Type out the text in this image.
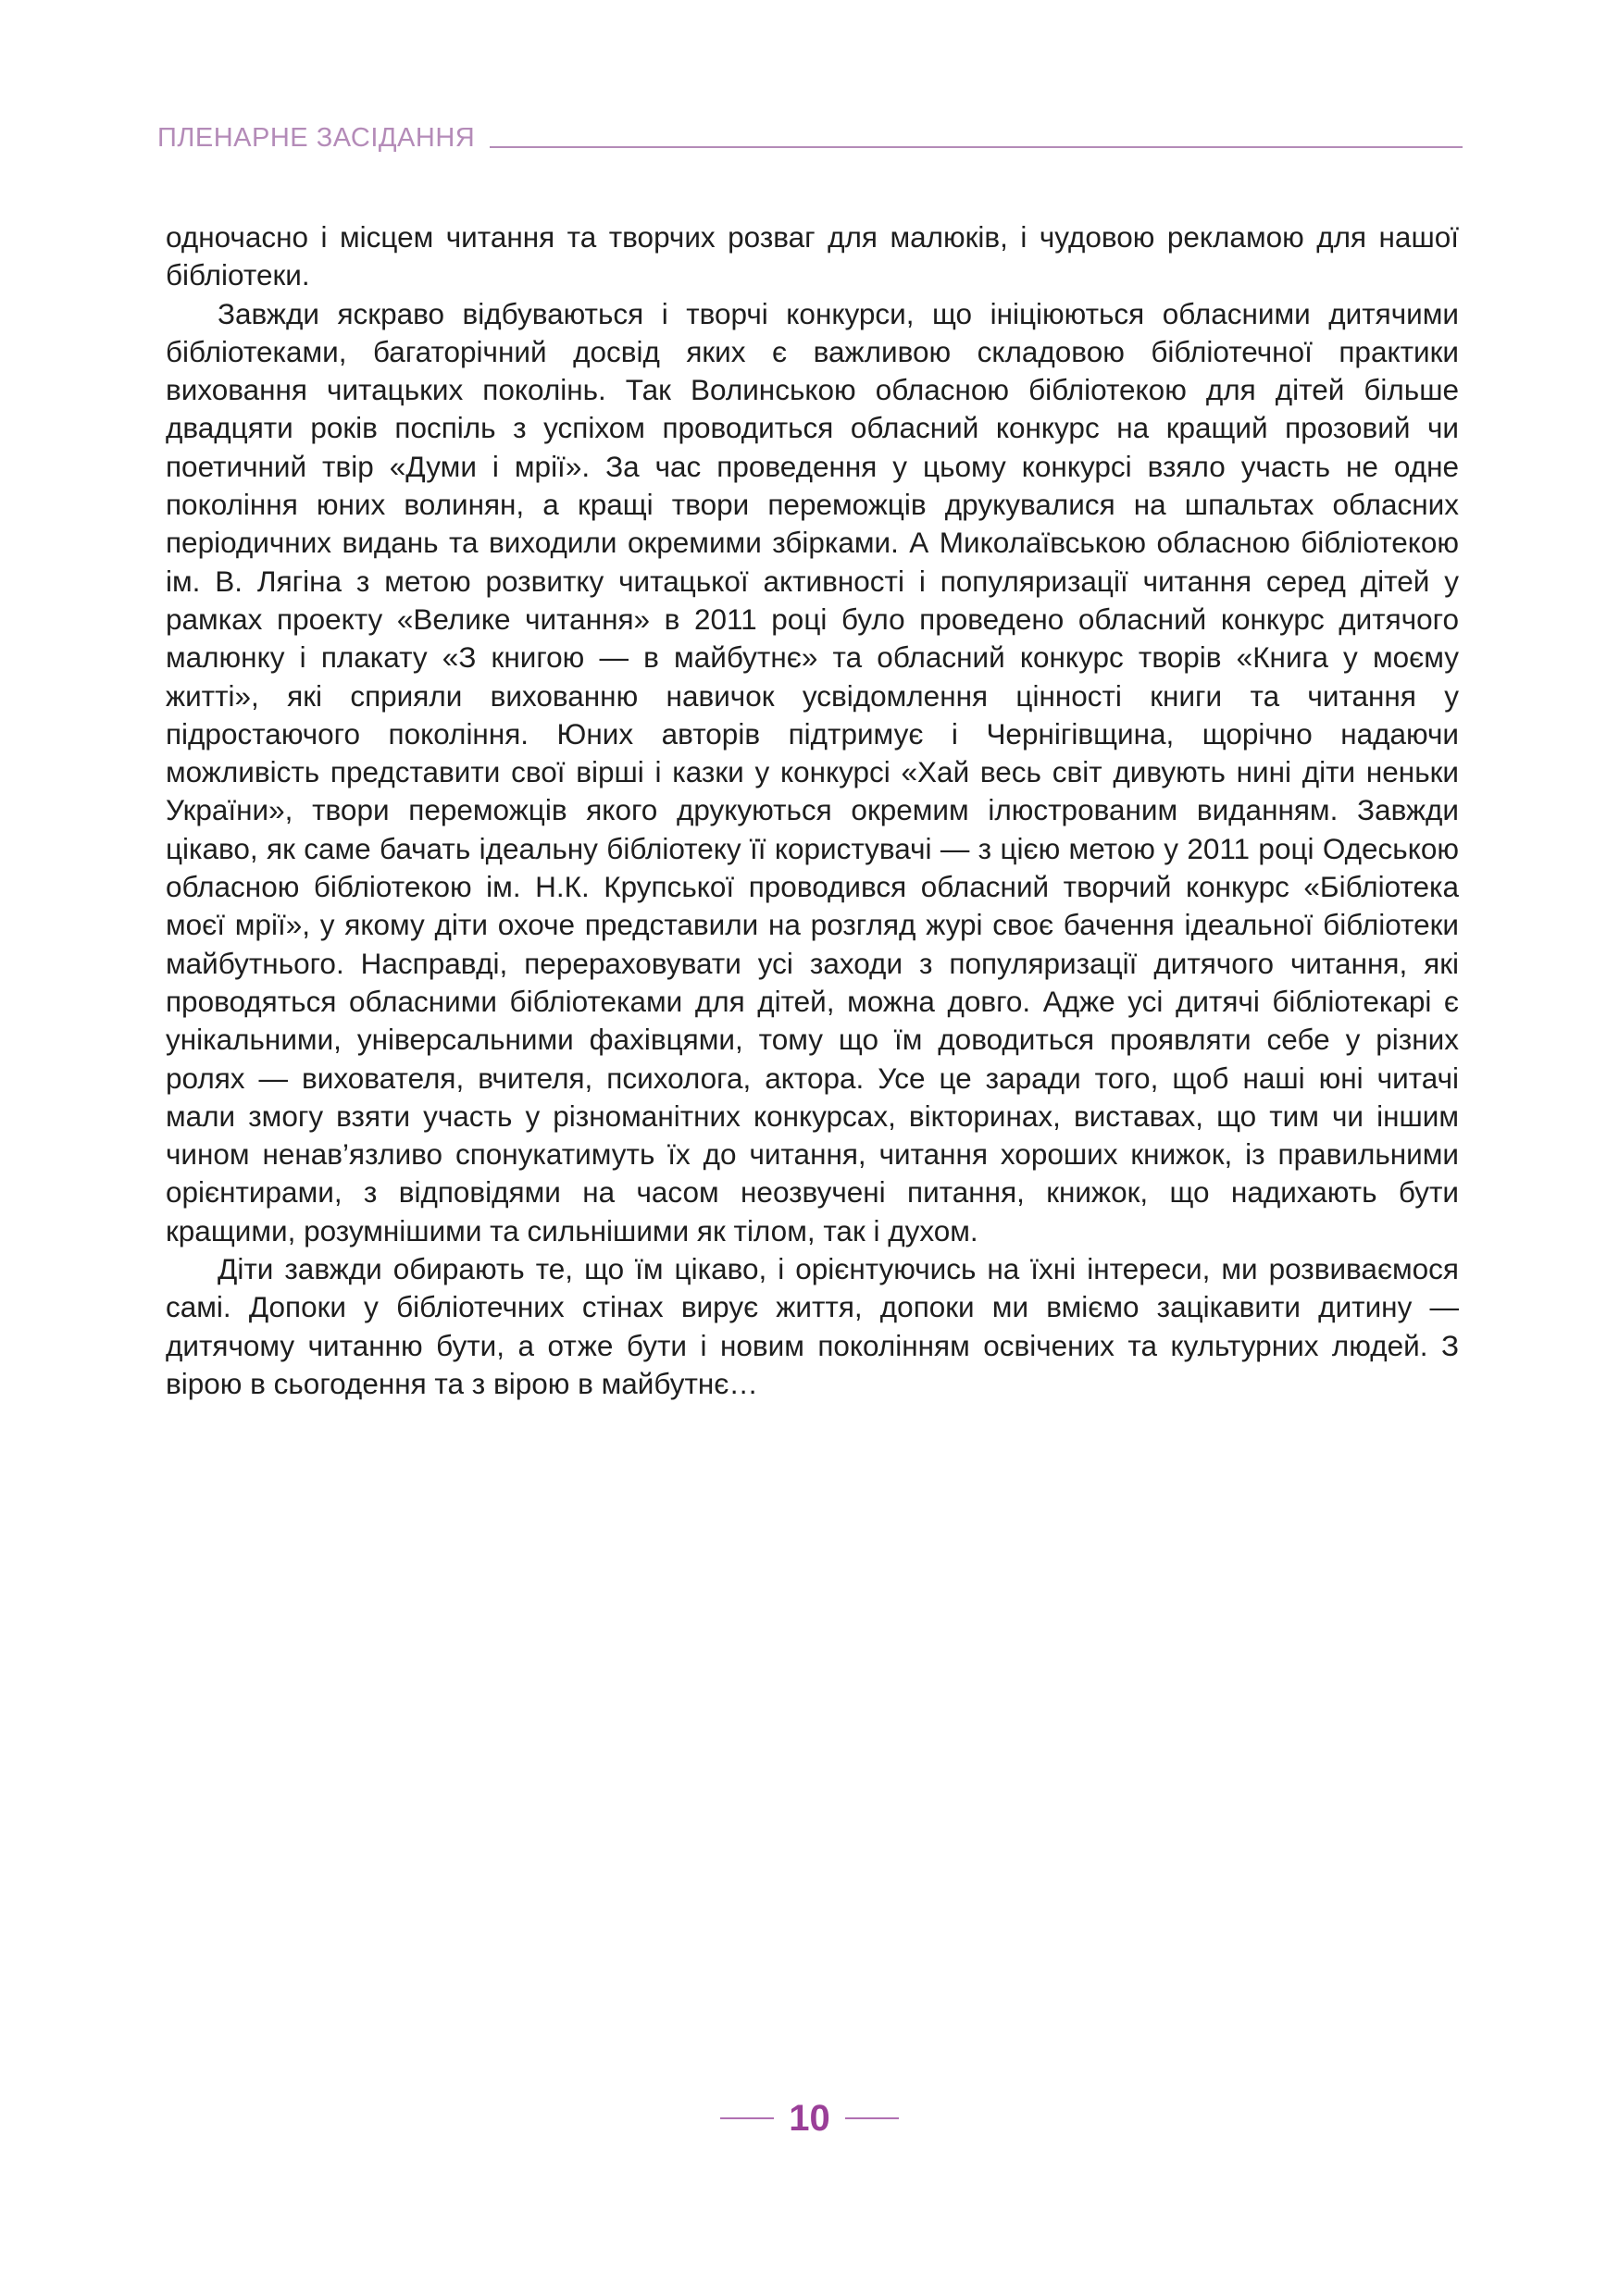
ПЛЕНАРНЕ ЗАСІДАННЯ

одночасно і місцем читання та творчих розваг для малюків, і чудовою рекламою для нашої бібліотеки.

Завжди яскраво відбуваються і творчі конкурси, що ініціюються обласними дитячими бібліотеками, багаторічний досвід яких є важливою складовою бібліотечної практики виховання читацьких поколінь. Так Волинською обласною бібліотекою для дітей більше двадцяти років поспіль з успіхом проводиться обласний конкурс на кращий прозовий чи поетичний твір «Думи і мрії». За час проведення у цьому конкурсі взяло участь не одне покоління юних волинян, а кращі твори переможців друкувалися на шпальтах обласних періодичних видань та виходили окремими збірками. А Миколаївською обласною бібліотекою ім. В. Лягіна з метою розвитку читацької активності і популяризації читання серед дітей у рамках проекту «Велике читання» в 2011 році було проведено обласний конкурс дитячого малюнку і плакату «З книгою — в майбутнє» та обласний конкурс творів «Книга у моєму житті», які сприяли вихованню навичок усвідомлення цінності книги та читання у підростаючого покоління. Юних авторів підтримує і Чернігівщина, щорічно надаючи можливість представити свої вірші і казки у конкурсі «Хай весь світ дивують нині діти неньки України», твори переможців якого друкуються окремим ілюстрованим виданням. Завжди цікаво, як саме бачать ідеальну бібліотеку її користувачі — з цією метою у 2011 році Одеською обласною бібліотекою ім. Н.К. Крупської проводився обласний творчий конкурс «Бібліотека моєї мрії», у якому діти охоче представили на розгляд журі своє бачення ідеальної бібліотеки майбутнього. Насправді, перераховувати усі заходи з популяризації дитячого читання, які проводяться обласними бібліотеками для дітей, можна довго. Адже усі дитячі бібліотекарі є унікальними, універсальними фахівцями, тому що їм доводиться проявляти себе у різних ролях — вихователя, вчителя, психолога, актора. Усе це заради того, щоб наші юні читачі мали змогу взяти участь у різноманітних конкурсах, вікторинах, виставах, що тим чи іншим чином ненав’язливо спонукатимуть їх до читання, читання хороших книжок, із правильними орієнтирами, з відповідями на часом неозвучені питання, книжок, що надихають бути кращими, розумнішими та сильнішими як тілом, так і духом.

Діти завжди обирають те, що їм цікаво, і орієнтуючись на їхні інтереси, ми розвиваємося самі. Допоки у бібліотечних стінах вирує життя, допоки ми вміємо зацікавити дитину — дитячому читанню бути, а отже бути і новим поколінням освічених та культурних людей. З вірою в сьогодення та з вірою в майбутнє…

10
